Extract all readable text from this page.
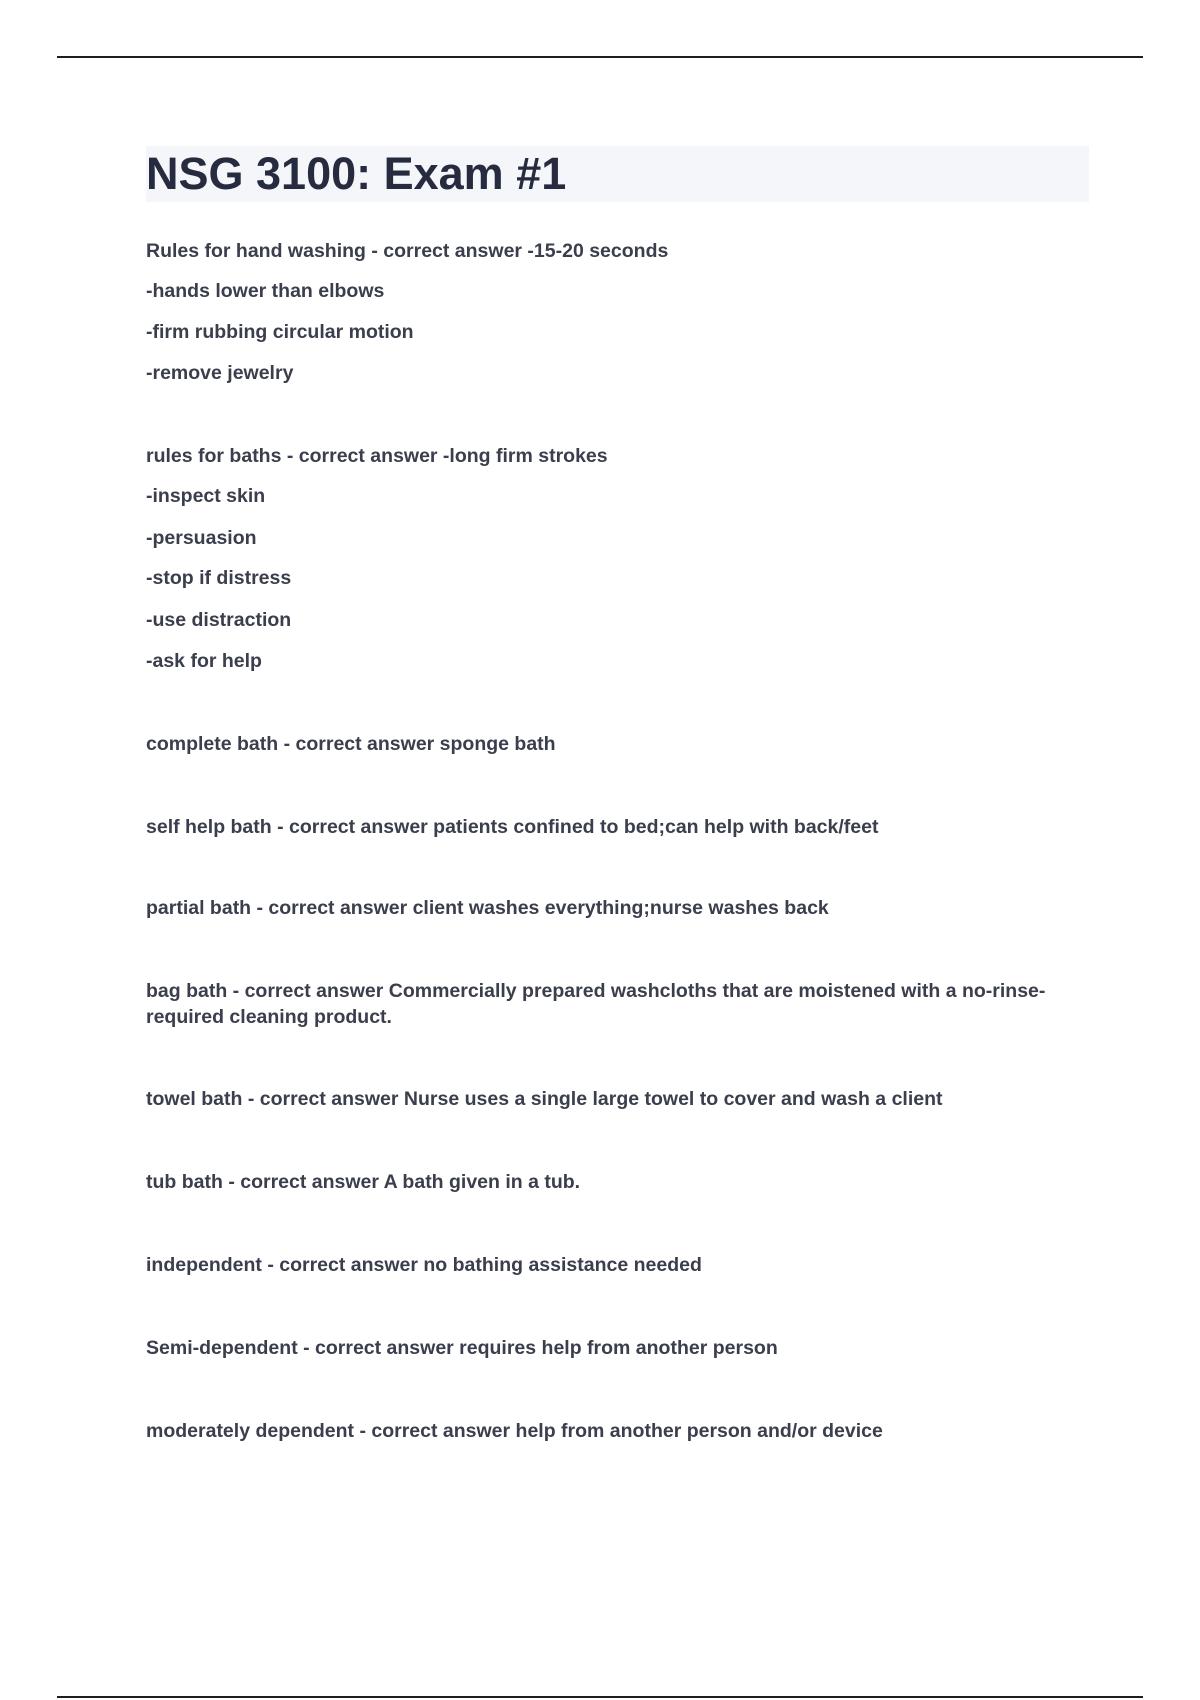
NSG 3100: Exam #1

Rules for hand washing - correct answer -15-20 seconds

-hands lower than elbows

-firm rubbing circular motion

-remove jewelry

rules for baths - correct answer -long firm strokes

-inspect skin

-persuasion

-stop if distress

-use distraction

-ask for help

complete bath - correct answer sponge bath

self help bath - correct answer patients confined to bed;can help with back/feet

partial bath - correct answer client washes everything;nurse washes back

bag bath - correct answer Commercially prepared washcloths that are moistened with a no-rinse-required cleaning product.

towel bath - correct answer Nurse uses a single large towel to cover and wash a client

tub bath - correct answer A bath given in a tub.

independent - correct answer no bathing assistance needed

Semi-dependent - correct answer requires help from another person

moderately dependent - correct answer help from another person and/or device
